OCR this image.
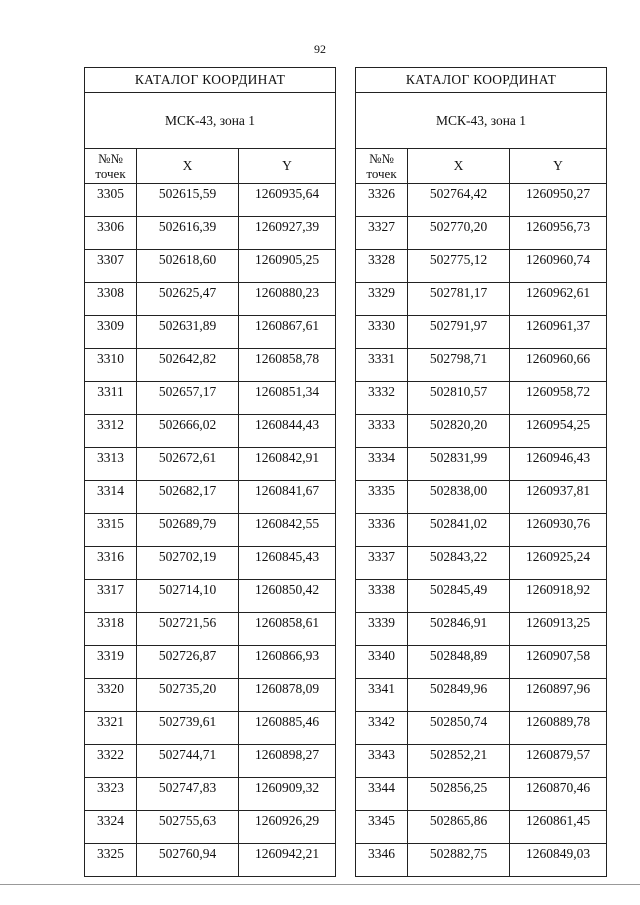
92
КАТАЛОГ КООРДИНАТ		
МСК-43, зона 1		
№№
точек	X	Y
3305	502615,59	1260935,64
3306	502616,39	1260927,39
3307	502618,60	1260905,25
3308	502625,47	1260880,23
3309	502631,89	1260867,61
3310	502642,82	1260858,78
3311	502657,17	1260851,34
3312	502666,02	1260844,43
3313	502672,61	1260842,91
3314	502682,17	1260841,67
3315	502689,79	1260842,55
3316	502702,19	1260845,43
3317	502714,10	1260850,42
3318	502721,56	1260858,61
3319	502726,87	1260866,93
3320	502735,20	1260878,09
3321	502739,61	1260885,46
3322	502744,71	1260898,27
3323	502747,83	1260909,32
3324	502755,63	1260926,29
3325	502760,94	1260942,21
КАТАЛОГ КООРДИНАТ		
МСК-43, зона 1		
№№
точек	X	Y
3326	502764,42	1260950,27
3327	502770,20	1260956,73
3328	502775,12	1260960,74
3329	502781,17	1260962,61
3330	502791,97	1260961,37
3331	502798,71	1260960,66
3332	502810,57	1260958,72
3333	502820,20	1260954,25
3334	502831,99	1260946,43
3335	502838,00	1260937,81
3336	502841,02	1260930,76
3337	502843,22	1260925,24
3338	502845,49	1260918,92
3339	502846,91	1260913,25
3340	502848,89	1260907,58
3341	502849,96	1260897,96
3342	502850,74	1260889,78
3343	502852,21	1260879,57
3344	502856,25	1260870,46
3345	502865,86	1260861,45
3346	502882,75	1260849,03
